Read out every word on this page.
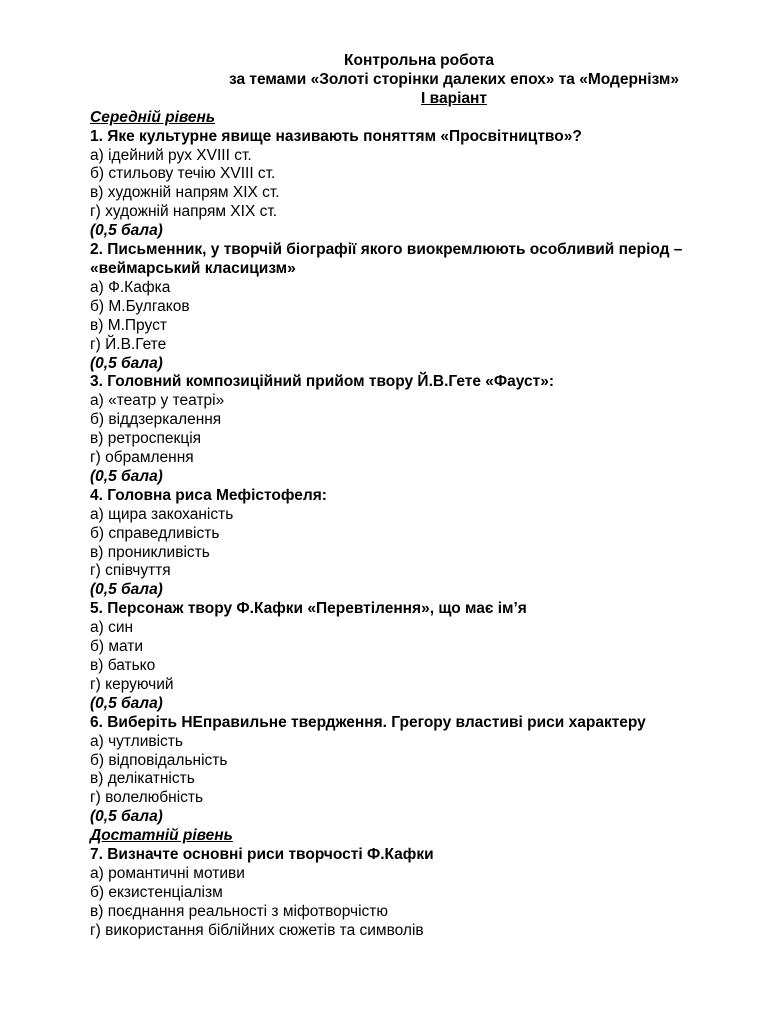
Контрольна робота
за темами «Золоті сторінки далеких епох» та «Модернізм»
І варіант
Середній рівень
1. Яке культурне явище називають поняттям «Просвітництво»?
а) ідейний рух XVIII ст.
б) стильову течію XVIII ст.
в) художній напрям XIX ст.
г) художній напрям XIX ст.
(0,5 бала)
2. Письменник, у творчій біографії якого виокремлюють особливий період – «веймарський класицизм»
а) Ф.Кафка
б) М.Булгаков
в) М.Пруст
г) Й.В.Гете
(0,5 бала)
3. Головний композиційний прийом твору Й.В.Гете «Фауст»:
а) «театр у театрі»
б) віддзеркалення
в) ретроспекція
г) обрамлення
(0,5 бала)
4. Головна риса Мефістофеля:
а) щира закоханість
б) справедливість
в) проникливість
г) співчуття
(0,5 бала)
5. Персонаж твору Ф.Кафки «Перевтілення», що має ім’я
а) син
б) мати
в) батько
г) керуючий
(0,5 бала)
6. Виберіть НЕправильне твердження. Грегору властиві риси характеру
а) чутливість
б) відповідальність
в) делікатність
г) волелюбність
(0,5 бала)
Достатній рівень
7. Визначте основні риси творчості Ф.Кафки
а) романтичні мотиви
б) екзистенціалізм
в) поєднання реальності з міфотворчістю
г) використання біблійних сюжетів та символів
